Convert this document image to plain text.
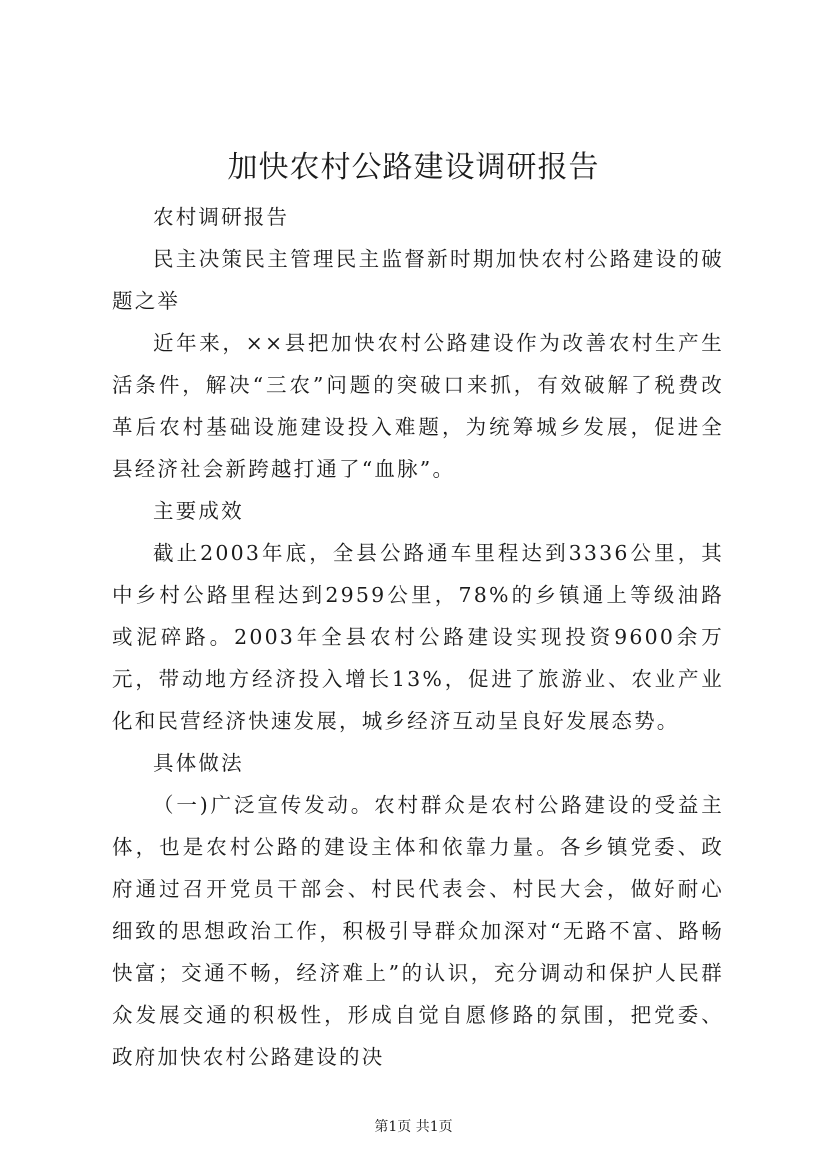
加快农村公路建设调研报告

农村调研报告

民主决策民主管理民主监督新时期加快农村公路建设的破题之举

近年来，××县把加快农村公路建设作为改善农村生产生活条件，解决“三农”问题的突破口来抓，有效破解了税费改革后农村基础设施建设投入难题，为统筹城乡发展，促进全县经济社会新跨越打通了“血脉”。

主要成效

截止2003年底，全县公路通车里程达到3336公里，其中乡村公路里程达到2959公里，78%的乡镇通上等级油路或泥碎路。2003年全县农村公路建设实现投资9600余万元，带动地方经济投入增长13%，促进了旅游业、农业产业化和民营经济快速发展，城乡经济互动呈良好发展态势。

具体做法

（一)广泛宣传发动。农村群众是农村公路建设的受益主体，也是农村公路的建设主体和依靠力量。各乡镇党委、政府通过召开党员干部会、村民代表会、村民大会，做好耐心细致的思想政治工作，积极引导群众加深对“无路不富、路畅快富；交通不畅，经济难上”的认识，充分调动和保护人民群众发展交通的积极性，形成自觉自愿修路的氛围，把党委、政府加快农村公路建设的决

第1页 共1页
